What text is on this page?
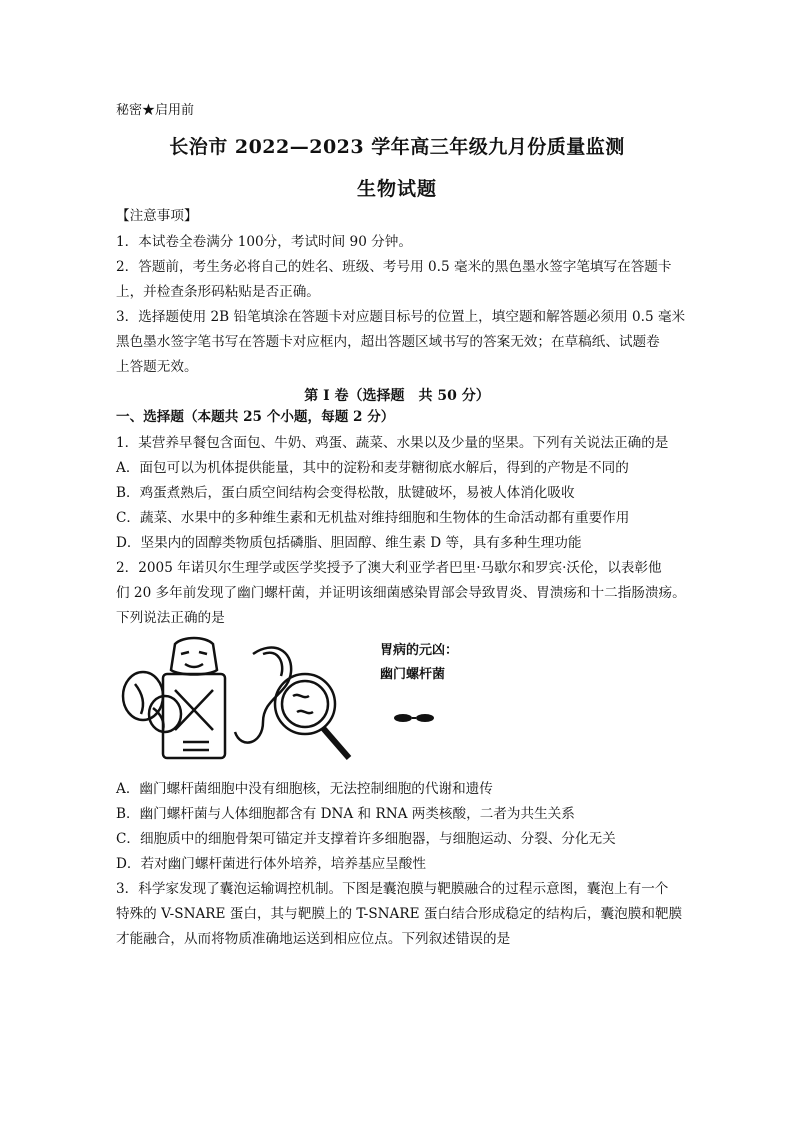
秘密★启用前
长治市 2022—2023 学年高三年级九月份质量监测
生物试题
【注意事项】
1．本试卷全卷满分 100分，考试时间 90 分钟。
2．答题前，考生务必将自己的姓名、班级、考号用 0.5 毫米的黑色墨水签字笔填写在答题卡
上，并检查条形码粘贴是否正确。
3．选择题使用 2B 铅笔填涂在答题卡对应题目标号的位置上，填空题和解答题必须用 0.5 毫米
黑色墨水签字笔书写在答题卡对应框内，超出答题区域书写的答案无效；在草稿纸、试题卷
上答题无效。
第 I 卷（选择题　共 50 分）
一、选择题（本题共 25 个小题，每题 2 分）
1．某营养早餐包含面包、牛奶、鸡蛋、蔬菜、水果以及少量的坚果。下列有关说法正确的是
A．面包可以为机体提供能量，其中的淀粉和麦芽糖彻底水解后，得到的产物是不同的
B．鸡蛋煮熟后，蛋白质空间结构会变得松散，肽键破坏，易被人体消化吸收
C．蔬菜、水果中的多种维生素和无机盐对维持细胞和生物体的生命活动都有重要作用
D．坚果内的固醇类物质包括磷脂、胆固醇、维生素 D 等，具有多种生理功能
2．2005 年诺贝尔生理学或医学奖授予了澳大利亚学者巴里·马歇尔和罗宾·沃伦，以表彰他
们 20 多年前发现了幽门螺杆菌，并证明该细菌感染胃部会导致胃炎、胃溃疡和十二指肠溃疡。
下列说法正确的是
胃病的元凶：
幽门螺杆菌
A．幽门螺杆菌细胞中没有细胞核，无法控制细胞的代谢和遗传
B．幽门螺杆菌与人体细胞都含有 DNA 和 RNA 两类核酸，二者为共生关系
C．细胞质中的细胞骨架可锚定并支撑着许多细胞器，与细胞运动、分裂、分化无关
D．若对幽门螺杆菌进行体外培养，培养基应呈酸性
3．科学家发现了囊泡运输调控机制。下图是囊泡膜与靶膜融合的过程示意图，囊泡上有一个
特殊的 V-SNARE 蛋白，其与靶膜上的 T-SNARE 蛋白结合形成稳定的结构后，囊泡膜和靶膜
才能融合，从而将物质准确地运送到相应位点。下列叙述错误的是
